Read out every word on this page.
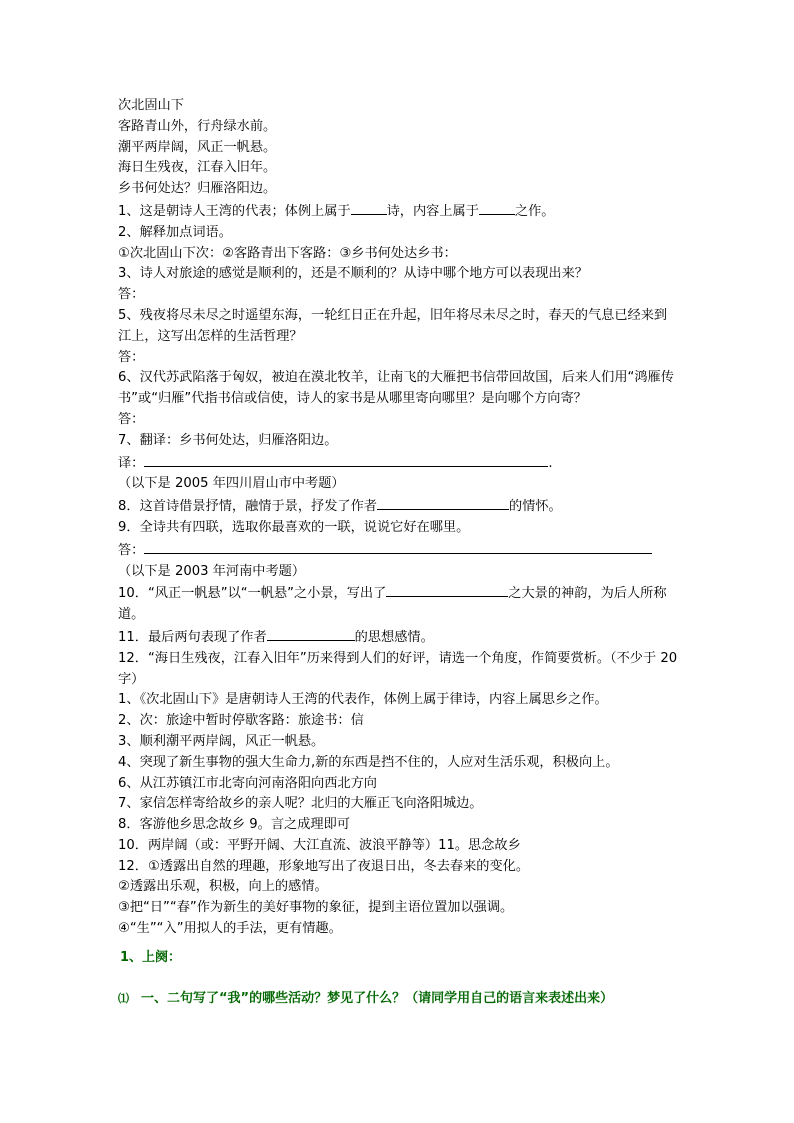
次北固山下
客路青山外，行舟绿水前。
潮平两岸阔，风正一帆悬。
海日生残夜，江春入旧年。
乡书何处达？归雁洛阳边。
1、这是朝诗人王湾的代表；体例上属于	诗，内容上属于	之作。
2、解释加点词语。
①次北固山下次：②客路青出下客路：③乡书何处达乡书：
3、诗人对旅途的感觉是顺利的，还是不顺利的？从诗中哪个地方可以表现出来？
答：
5、残夜将尽未尽之时遥望东海，一轮红日正在升起，旧年将尽未尽之时，春天的气息已经来到江上，这写出怎样的生活哲理？
答：
6、汉代苏武陷落于匈奴，被迫在漠北牧羊，让南飞的大雁把书信带回故国，后来人们用“鸿雁传书”或“归雁”代指书信或信使，诗人的家书是从哪里寄向哪里？是向哪个方向寄？
答：
7、翻译：乡书何处达，归雁洛阳边。
译：	.
（以下是 2005 年四川眉山市中考题）
8．这首诗借景抒情，融情于景，抒发了作者	的情怀。
9．全诗共有四联，选取你最喜欢的一联，说说它好在哪里。
答：
（以下是 2003 年河南中考题）
10．“风正一帆悬”以“一帆悬”之小景，写出了	之大景的神韵，为后人所称道。
11．最后两句表现了作者	的思想感情。
12．“海日生残夜，江春入旧年”历来得到人们的好评，请选一个角度，作简要赏析。（不少于 20字）
1、《次北固山下》是唐朝诗人王湾的代表作，体例上属于律诗，内容上属思乡之作。
2、次：旅途中暂时停歇客路：旅途书：信
3、顺利潮平两岸阔，风正一帆悬。
4、突现了新生事物的强大生命力,新的东西是挡不住的，人应对生活乐观，积极向上。
6、从江苏镇江市北寄向河南洛阳向西北方向
7、家信怎样寄给故乡的亲人呢？北归的大雁正飞向洛阳城边。
8．客游他乡思念故乡 9。言之成理即可
10．两岸阔（或：平野开阔、大江直流、波浪平静等）11。思念故乡
12．①透露出自然的理趣，形象地写出了夜退日出，冬去春来的变化。
②透露出乐观，积极，向上的感情。
③把“日”“春”作为新生的美好事物的象征，提到主语位置加以强调。
④“生”“入”用拟人的手法，更有情趣。
1、上阕：
⑴ 一、二句写了“我”的哪些活动？梦见了什么？（请同学用自己的语言来表述出来）
